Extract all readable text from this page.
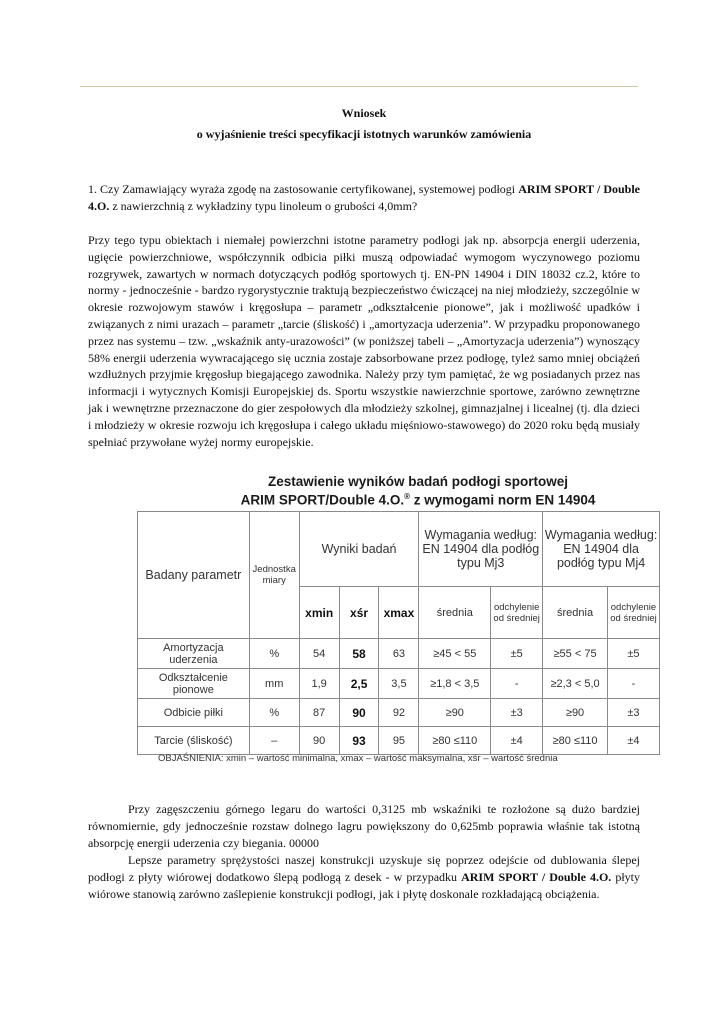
Wniosek
o wyjaśnienie treści specyfikacji istotnych warunków zamówienia
1. Czy Zamawiający wyraża zgodę na zastosowanie certyfikowanej, systemowej podłogi ARIM SPORT / Double 4.O. z nawierzchnią z wykładziny typu linoleum o grubości 4,0mm?
Przy tego typu obiektach i niemałej powierzchni istotne parametry podłogi jak np. absorpcja energii uderzenia, ugięcie powierzchniowe, współczynnik odbicia piłki muszą odpowiadać wymogom wyczynowego poziomu rozgrywek, zawartych w normach dotyczących podłóg sportowych tj. EN-PN 14904 i DIN 18032 cz.2, które to normy - jednocześnie - bardzo rygorystycznie traktują bezpieczeństwo ćwiczącej na niej młodzieży, szczególnie w okresie rozwojowym stawów i kręgosłupa – parametr „odkształcenie pionowe”, jak i możliwość upadków i związanych z nimi urazach – parametr „tarcie (śliskość) i „amortyzacja uderzenia”. W przypadku proponowanego przez nas systemu – tzw. „wskaźnik anty-urazowości” (w poniższej tabeli – „Amortyzacja uderzenia”) wynoszący 58% energii uderzenia wywracającego się ucznia zostaje zabsorbowane przez podłogę, tyleż samo mniej obciążeń wzdłużnych przyjmie kręgosłup biegającego zawodnika. Należy przy tym pamiętać, że wg posiadanych przez nas informacji i wytycznych Komisji Europejskiej ds. Sportu wszystkie nawierzchnie sportowe, zarówno zewnętrzne jak i wewnętrzne przeznaczone do gier zespołowych dla młodzieży szkolnej, gimnazjalnej i licealnej (tj. dla dzieci i młodzieży w okresie rozwoju ich kręgosłupa i całego układu mięśniowo-stawowego) do 2020 roku będą musiały spełniać przywołane wyżej normy europejskie.
Zestawienie wyników badań podłogi sportowej
ARIM SPORT/Double 4.O.® z wymogami norm EN 14904
Badany parametr	Jednostka miary	Wyniki badań			Wymagania według: EN 14904 dla podłóg typu Mj3		Wymagania według: EN 14904 dla podłóg typu Mj4	
		xmin	xśr	xmax	średnia	odchylenie od średniej	średnia	odchylenie od średniej
Amortyzacja uderzenia	%	54	58	63	≥45 < 55	±5	≥55 < 75	±5
Odkształcenie pionowe	mm	1,9	2,5	3,5	≥1,8 < 3,5	-	≥2,3 < 5,0	-
Odbicie piłki	%	87	90	92	≥90	±3	≥90	±3
Tarcie (śliskość)	–	90	93	95	≥80 ≤110	±4	≥80 ≤110	±4
OBJAŚNIENIA: xmin – wartość minimalna, xmax – wartość maksymalna, xśr – wartość średnia
Przy zagęszczeniu górnego legaru do wartości 0,3125 mb wskaźniki te rozłożone są dużo bardziej równomiernie, gdy jednocześnie rozstaw dolnego lagru powiększony do 0,625mb poprawia właśnie tak istotną absorpcję energii uderzenia czy biegania. 00000
Lepsze parametry sprężystości naszej konstrukcji uzyskuje się poprzez odejście od dublowania ślepej podłogi z płyty wiórowej dodatkowo ślepą podłogą z desek - w przypadku ARIM SPORT / Double 4.O. płyty wiórowe stanowią zarówno zaślepienie konstrukcji podłogi, jak i płytę doskonale rozkładającą obciążenia.
